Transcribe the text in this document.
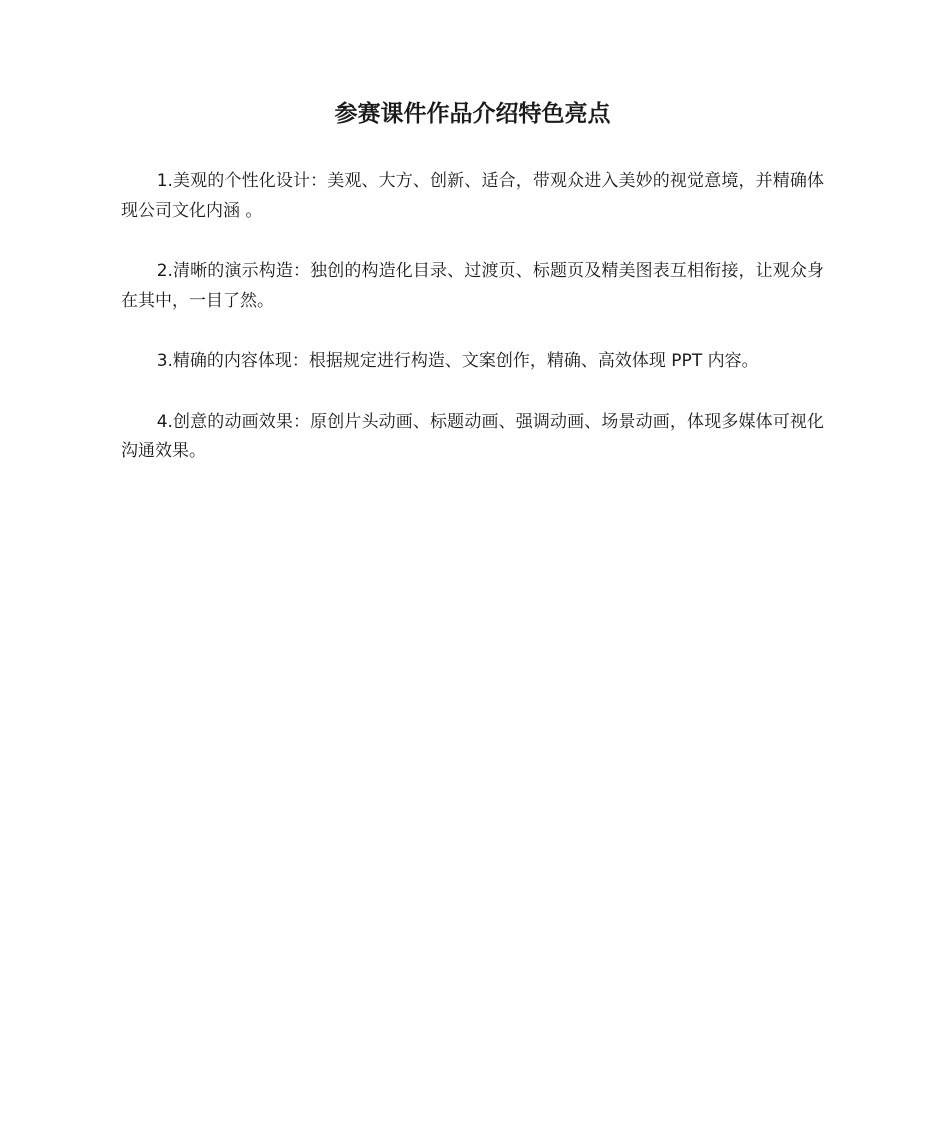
参赛课件作品介绍特色亮点

1.美观的个性化设计：美观、大方、创新、适合，带观众进入美妙的视觉意境，并精确体现公司文化内涵 。

2.清晰的演示构造：独创的构造化目录、过渡页、标题页及精美图表互相衔接，让观众身在其中，一目了然。

3.精确的内容体现：根据规定进行构造、文案创作，精确、高效体现 PPT 内容。

4.创意的动画效果：原创片头动画、标题动画、强调动画、场景动画，体现多媒体可视化沟通效果。
